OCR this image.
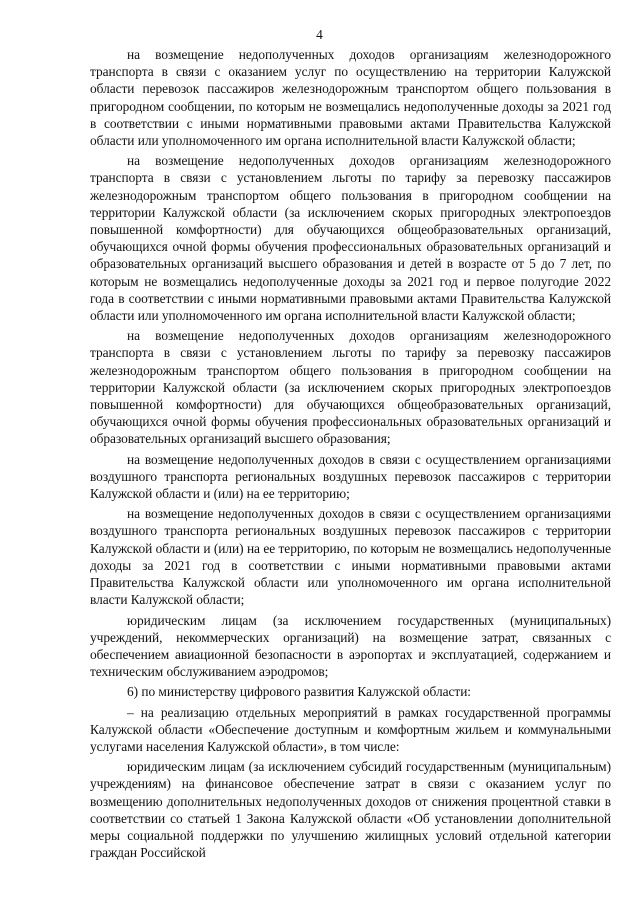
4

на возмещение недополученных доходов организациям железнодорожного транспорта в связи с оказанием услуг по осуществлению на территории Калужской области перевозок пассажиров железнодорожным транспортом общего пользования в пригородном сообщении, по которым не возмещались недополученные доходы за 2021 год в соответствии с иными нормативными правовыми актами Правительства Калужской области или уполномоченного им органа исполнительной власти Калужской области;

на возмещение недополученных доходов организациям железнодорожного транспорта в связи с установлением льготы по тарифу за перевозку пассажиров железнодорожным транспортом общего пользования в пригородном сообщении на территории Калужской области (за исключением скорых пригородных электропоездов повышенной комфортности) для обучающихся общеобразовательных организаций, обучающихся очной формы обучения профессиональных образовательных организаций и образовательных организаций высшего образования и детей в возрасте от 5 до 7 лет, по которым не возмещались недополученные доходы за 2021 год и первое полугодие 2022 года в соответствии с иными нормативными правовыми актами Правительства Калужской области или уполномоченного им органа исполнительной власти Калужской области;

на возмещение недополученных доходов организациям железнодорожного транспорта в связи с установлением льготы по тарифу за перевозку пассажиров железнодорожным транспортом общего пользования в пригородном сообщении на территории Калужской области (за исключением скорых пригородных электропоездов повышенной комфортности) для обучающихся общеобразовательных организаций, обучающихся очной формы обучения профессиональных образовательных организаций и образовательных организаций высшего образования;

на возмещение недополученных доходов в связи с осуществлением организациями воздушного транспорта региональных воздушных перевозок пассажиров с территории Калужской области и (или) на ее территорию;

на возмещение недополученных доходов в связи с осуществлением организациями воздушного транспорта региональных воздушных перевозок пассажиров с территории Калужской области и (или) на ее территорию, по которым не возмещались недополученные доходы за 2021 год в соответствии с иными нормативными правовыми актами Правительства Калужской области или уполномоченного им органа исполнительной власти Калужской области;

юридическим лицам (за исключением государственных (муниципальных) учреждений, некоммерческих организаций) на возмещение затрат, связанных с обеспечением авиационной безопасности в аэропортах и эксплуатацией, содержанием и техническим обслуживанием аэродромов;

6) по министерству цифрового развития Калужской области:

– на реализацию отдельных мероприятий в рамках государственной программы Калужской области «Обеспечение доступным и комфортным жильем и коммунальными услугами населения Калужской области», в том числе:

юридическим лицам (за исключением субсидий государственным (муниципальным) учреждениям) на финансовое обеспечение затрат в связи с оказанием услуг по возмещению дополнительных недополученных доходов от снижения процентной ставки в соответствии со статьей 1 Закона Калужской области «Об установлении дополнительной меры социальной поддержки по улучшению жилищных условий отдельной категории граждан Российской
